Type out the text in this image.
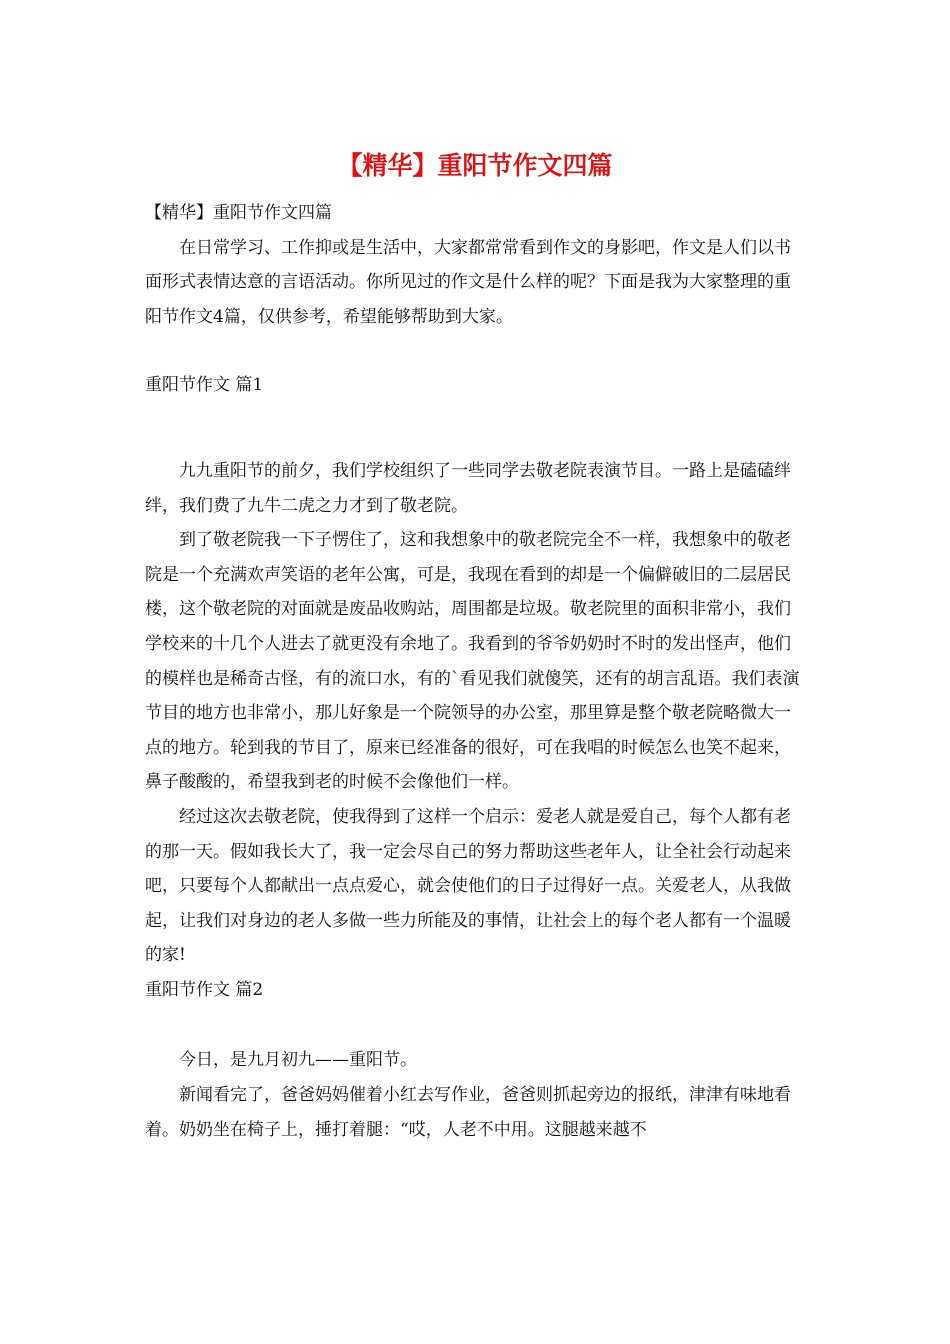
【精华】重阳节作文四篇

【精华】重阳节作文四篇

在日常学习、工作抑或是生活中，大家都常常看到作文的身影吧，作文是人们以书面形式表情达意的言语活动。你所见过的作文是什么样的呢？下面是我为大家整理的重阳节作文4篇，仅供参考，希望能够帮助到大家。

重阳节作文 篇1

九九重阳节的前夕，我们学校组织了一些同学去敬老院表演节目。一路上是磕磕绊绊，我们费了九牛二虎之力才到了敬老院。

到了敬老院我一下子愣住了，这和我想象中的敬老院完全不一样，我想象中的敬老院是一个充满欢声笑语的老年公寓，可是，我现在看到的却是一个偏僻破旧的二层居民楼，这个敬老院的对面就是废品收购站，周围都是垃圾。敬老院里的面积非常小，我们学校来的十几个人进去了就更没有余地了。我看到的爷爷奶奶时不时的发出怪声，他们的模样也是稀奇古怪，有的流口水，有的`看见我们就傻笑，还有的胡言乱语。我们表演节目的地方也非常小，那儿好象是一个院领导的办公室，那里算是整个敬老院略微大一点的地方。轮到我的节目了，原来已经准备的很好，可在我唱的时候怎么也笑不起来，鼻子酸酸的，希望我到老的时候不会像他们一样。

经过这次去敬老院，使我得到了这样一个启示：爱老人就是爱自己，每个人都有老的那一天。假如我长大了，我一定会尽自己的努力帮助这些老年人，让全社会行动起来吧，只要每个人都献出一点点爱心，就会使他们的日子过得好一点。关爱老人，从我做起，让我们对身边的老人多做一些力所能及的事情，让社会上的每个老人都有一个温暖的家!

重阳节作文 篇2

今日，是九月初九——重阳节。

新闻看完了，爸爸妈妈催着小红去写作业，爸爸则抓起旁边的报纸，津津有味地看着。奶奶坐在椅子上，捶打着腿：“哎，人老不中用。这腿越来越不
